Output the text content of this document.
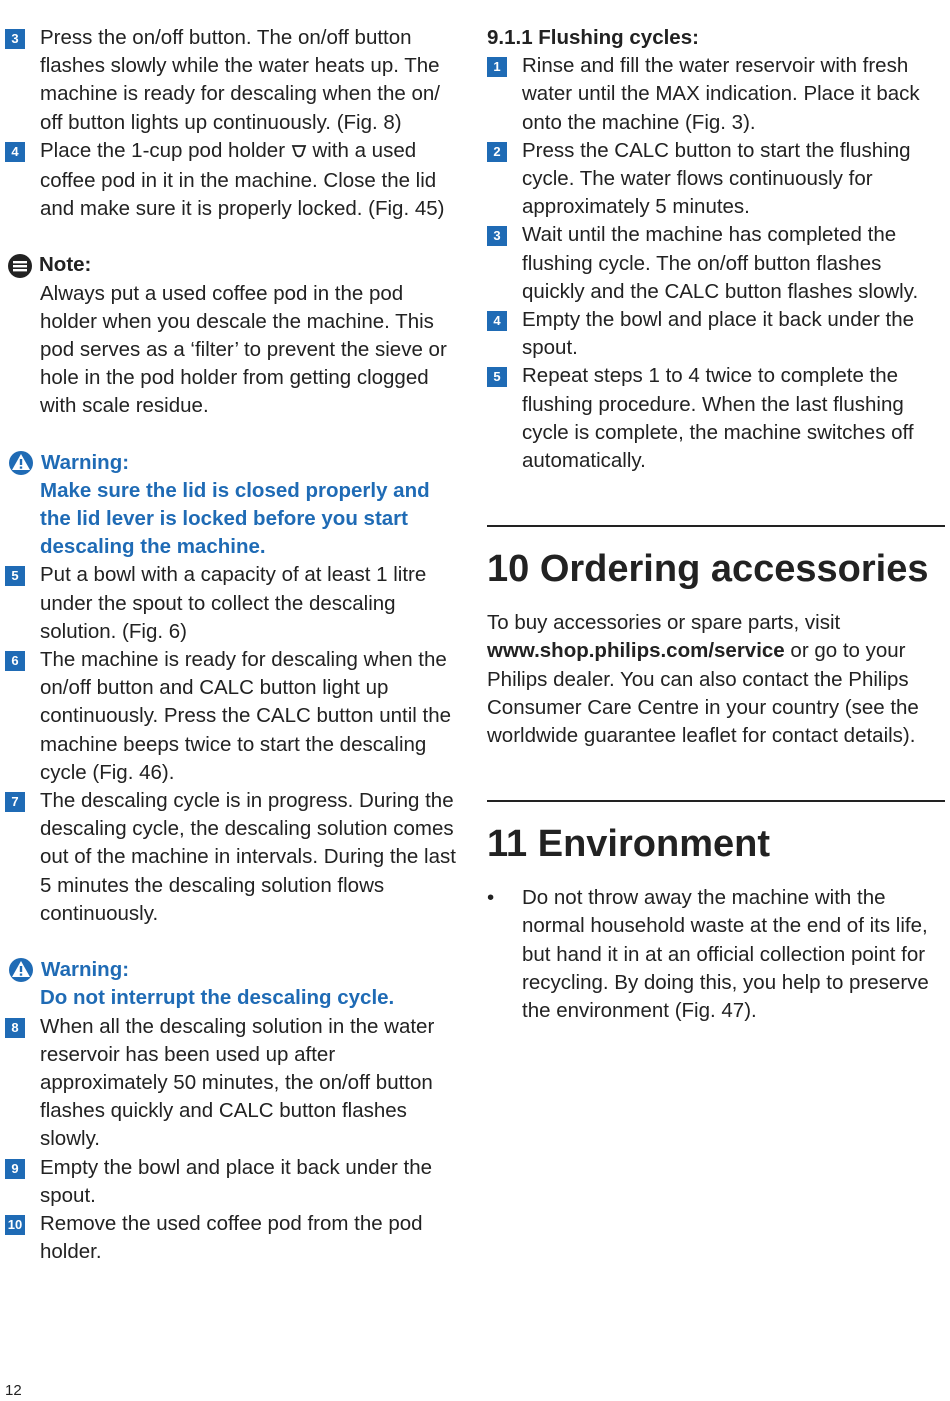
3	Press the on/off button. The on/off button flashes slowly while the water heats up. The machine is ready for descaling when the on/ off button lights up continuously. (Fig. 8)
4	Place the 1-cup pod holder with a used coffee pod in it in the machine. Close the lid and make sure it is properly locked. (Fig. 45)
Note:
Always put a used coffee pod in the pod holder when you descale the machine. This pod serves as a ‘filter’ to prevent the sieve or hole in the pod holder from getting clogged with scale residue.
Warning:
Make sure the lid is closed properly and the lid lever is locked before you start descaling the machine.
5	Put a bowl with a capacity of at least 1 litre under the spout to collect the descaling solution. (Fig. 6)
6	The machine is ready for descaling when the on/off button and CALC button light up continuously. Press the CALC button until the machine beeps twice to start the descaling cycle (Fig. 46).
7	The descaling cycle is in progress. During the descaling cycle, the descaling solution comes out of the machine in intervals. During the last 5 minutes the descaling solution flows continuously.
Warning:
Do not interrupt the descaling cycle.
8	When all the descaling solution in the water reservoir has been used up after approximately 50 minutes, the on/off button flashes quickly and CALC button flashes slowly.
9	Empty the bowl and place it back under the spout.
10 Remove the used coffee pod from the pod holder.
9.1.1 Flushing cycles:
1	Rinse and fill the water reservoir with fresh water until the MAX indication. Place it back onto the machine (Fig. 3).
2	Press the CALC button to start the flushing cycle. The water flows continuously for approximately 5 minutes.
3	Wait until the machine has completed the flushing cycle. The on/off button flashes quickly and the CALC button flashes slowly.
4	Empty the bowl and place it back under the spout.
5	Repeat steps 1 to 4 twice to complete the flushing procedure. When the last flushing cycle is complete, the machine switches off automatically.
10 Ordering accessories
To buy accessories or spare parts, visit
www.shop.philips.com/service or go to your Philips dealer. You can also contact the Philips Consumer Care Centre in your country (see the worldwide guarantee leaflet for contact details).
11 Environment
• Do not throw away the machine with the normal household waste at the end of its life, but hand it in at an official collection point for recycling. By doing this, you help to preserve the environment (Fig. 47).
12
